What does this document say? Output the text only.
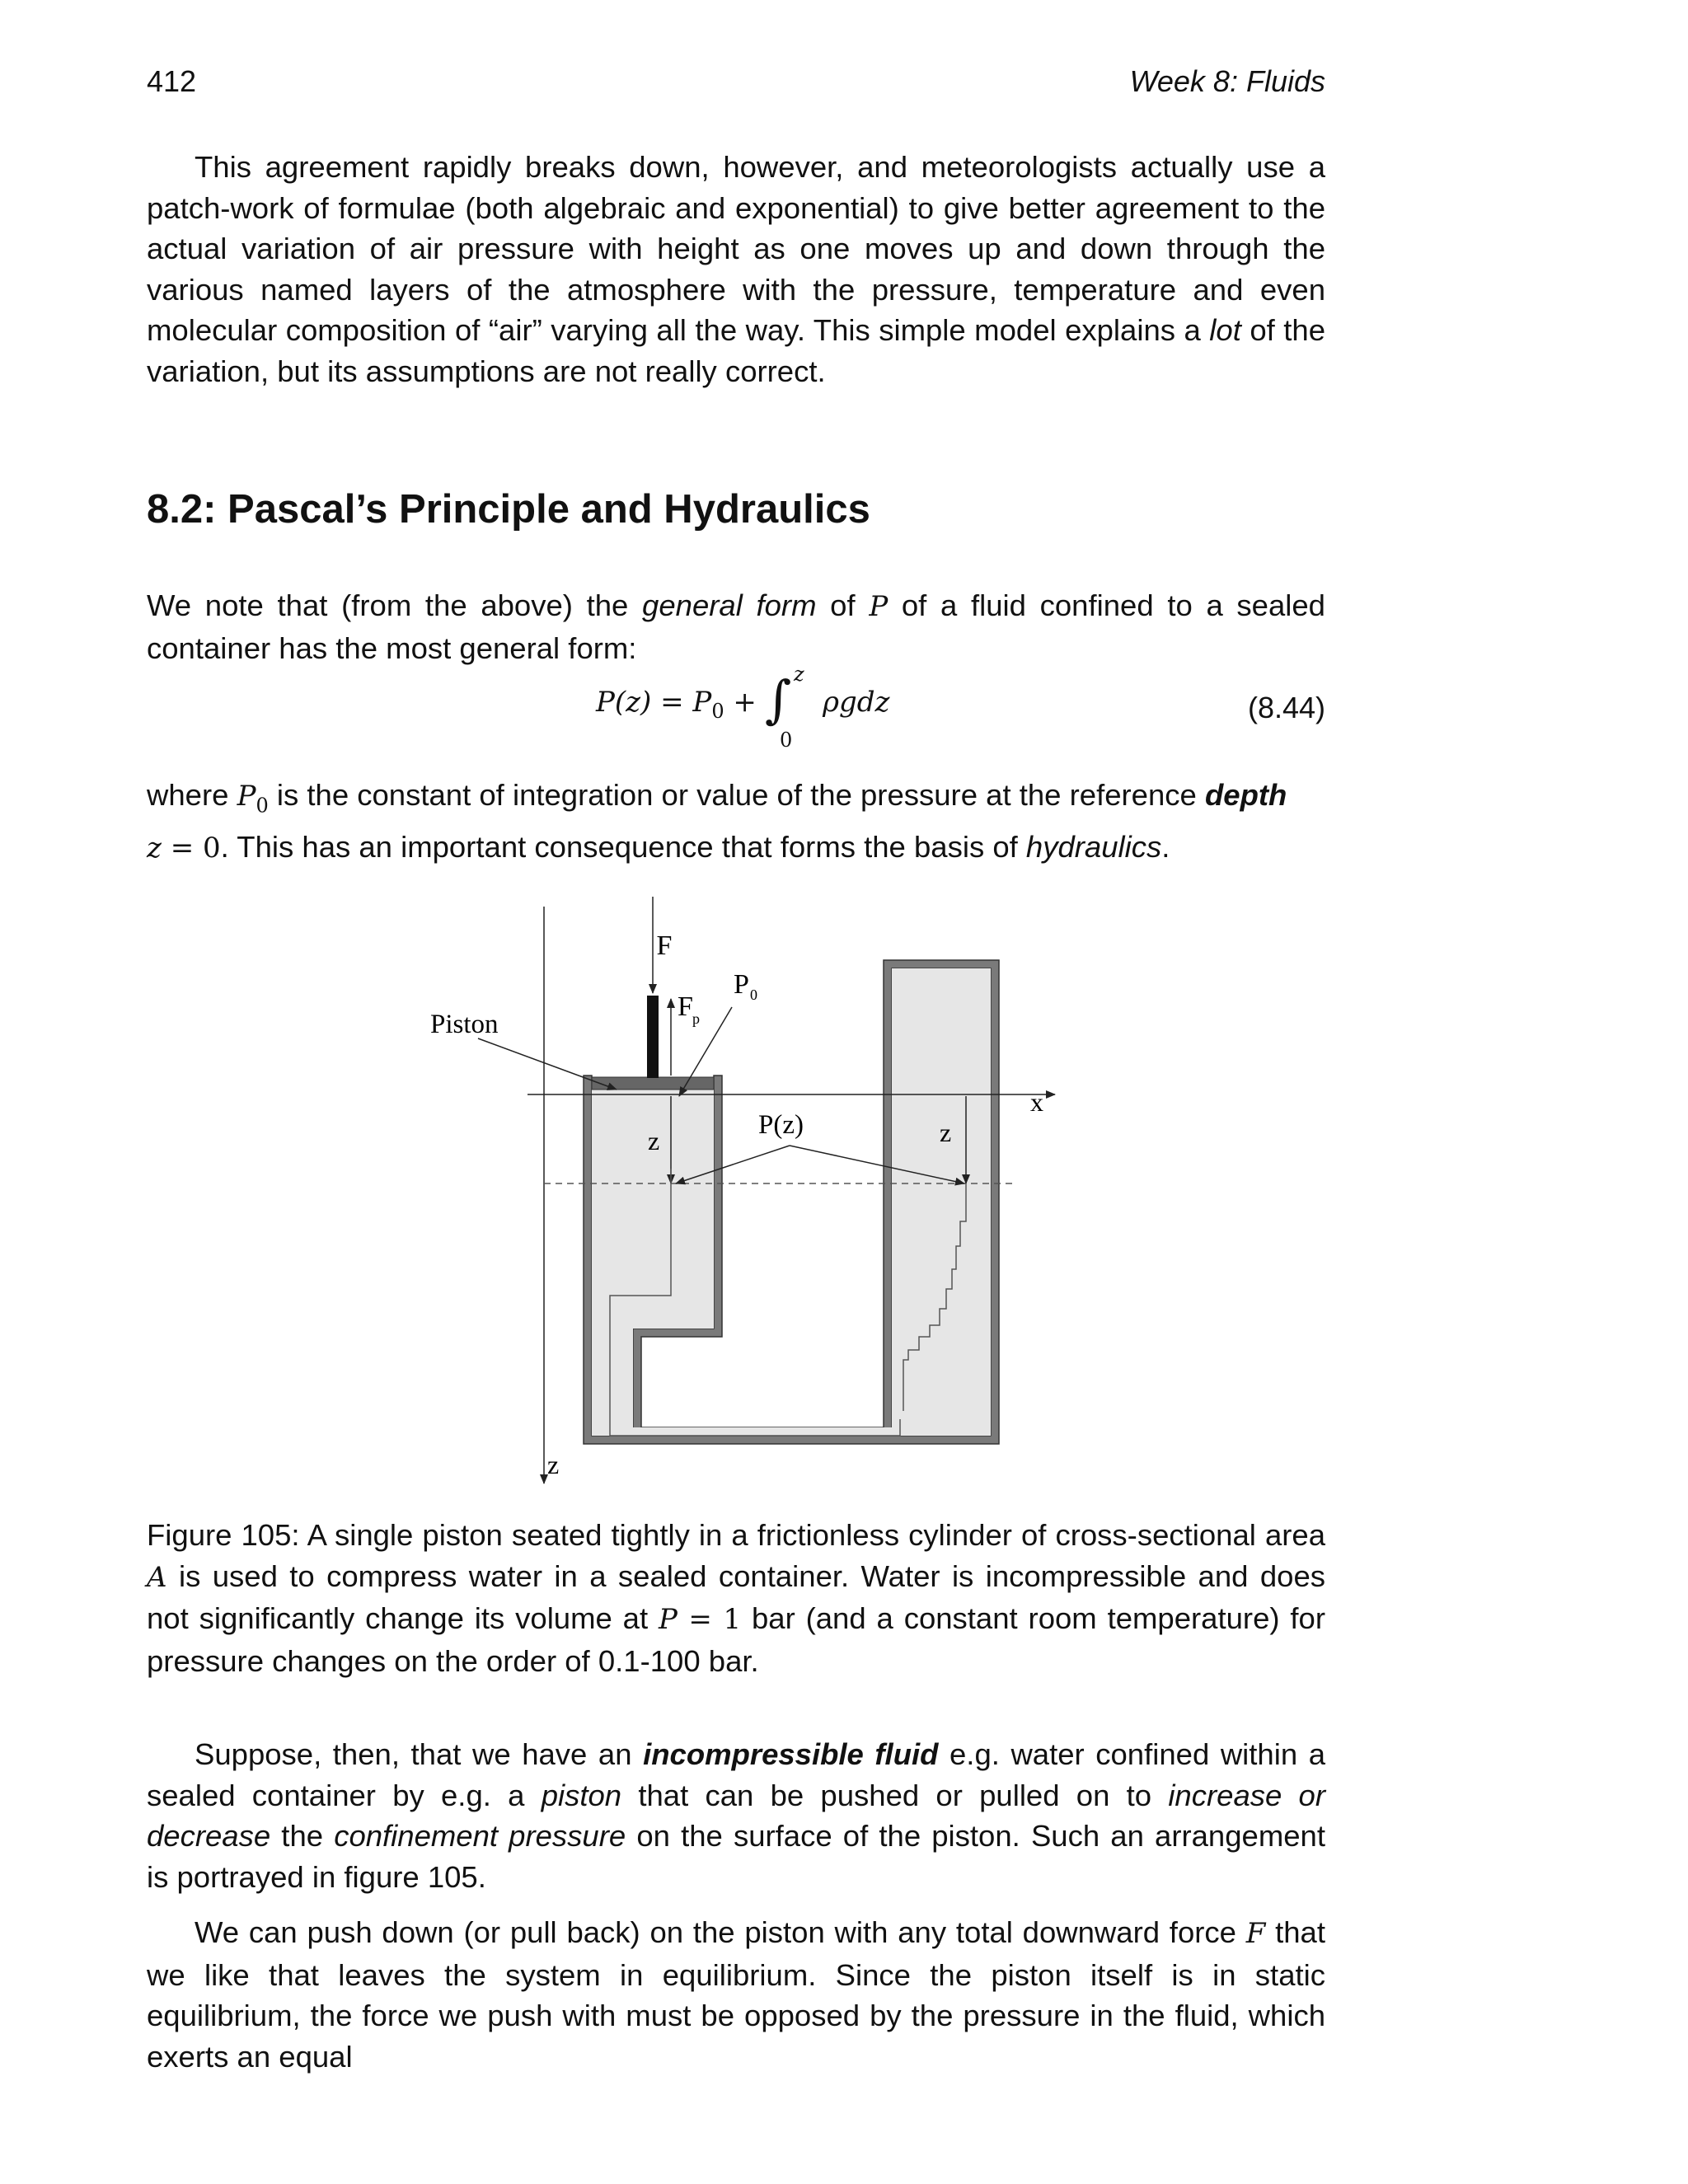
412	Week 8: Fluids

This agreement rapidly breaks down, however, and meteorologists actually use a patch-work of formulae (both algebraic and exponential) to give better agreement to the actual variation of air pressure with height as one moves up and down through the various named layers of the atmosphere with the pressure, temperature and even molecular composition of “air” varying all the way. This simple model explains a lot of the variation, but its assumptions are not really correct.

8.2: Pascal’s Principle and Hydraulics

We note that (from the above) the general form of P of a fluid confined to a sealed container has the most general form:

$P(z) = P_0$ + ∫ z
0
ρgdz	(8.44)

where $P_0$ is the constant of integration or value of the pressure at the reference depth
z = 0. This has an important consequence that forms the basis of hydraulics.

F
F p
P 0
Piston
x
P(z)
z	z
z

Figure 105: A single piston seated tightly in a frictionless cylinder of cross-sectional area A is used to compress water in a sealed container. Water is incompressible and does not significantly change its volume at P = 1 bar (and a constant room temperature) for pressure changes on the order of 0.1-100 bar.

Suppose, then, that we have an incompressible fluid e.g. water confined within a sealed container by e.g. a piston that can be pushed or pulled on to increase or decrease the confinement pressure on the surface of the piston. Such an arrangement is portrayed in figure 105.

We can push down (or pull back) on the piston with any total downward force F that we like that leaves the system in equilibrium. Since the piston itself is in static equilibrium, the force we push with must be opposed by the pressure in the fluid, which exerts an equal
